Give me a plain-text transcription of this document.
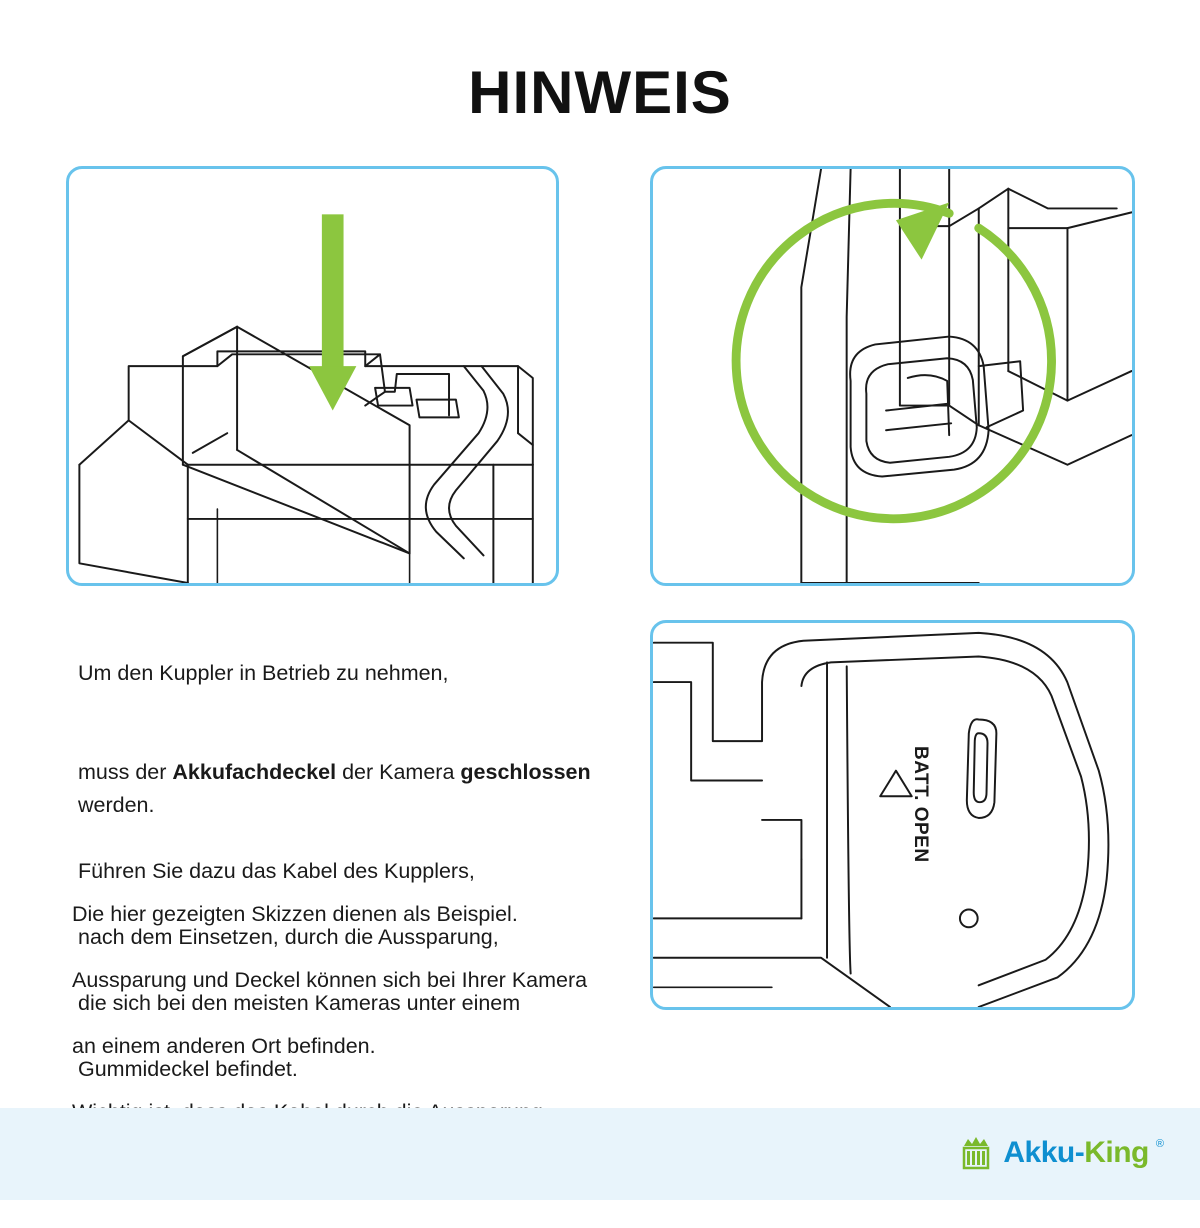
HINWEIS
BATT. OPEN

Um den Kuppler in Betrieb zu nehmen,

muss der Akkufachdeckel der Kamera geschlossen werden.

Führen Sie dazu das Kabel des Kupplers,

nach dem Einsetzen, durch die Aussparung,

die sich bei den meisten Kameras unter einem

Gummideckel befindet.

Die hier gezeigten Skizzen dienen als Beispiel.

Aussparung und Deckel können sich bei Ihrer Kamera

an einem anderen Ort befinden.

Akku-King ®
